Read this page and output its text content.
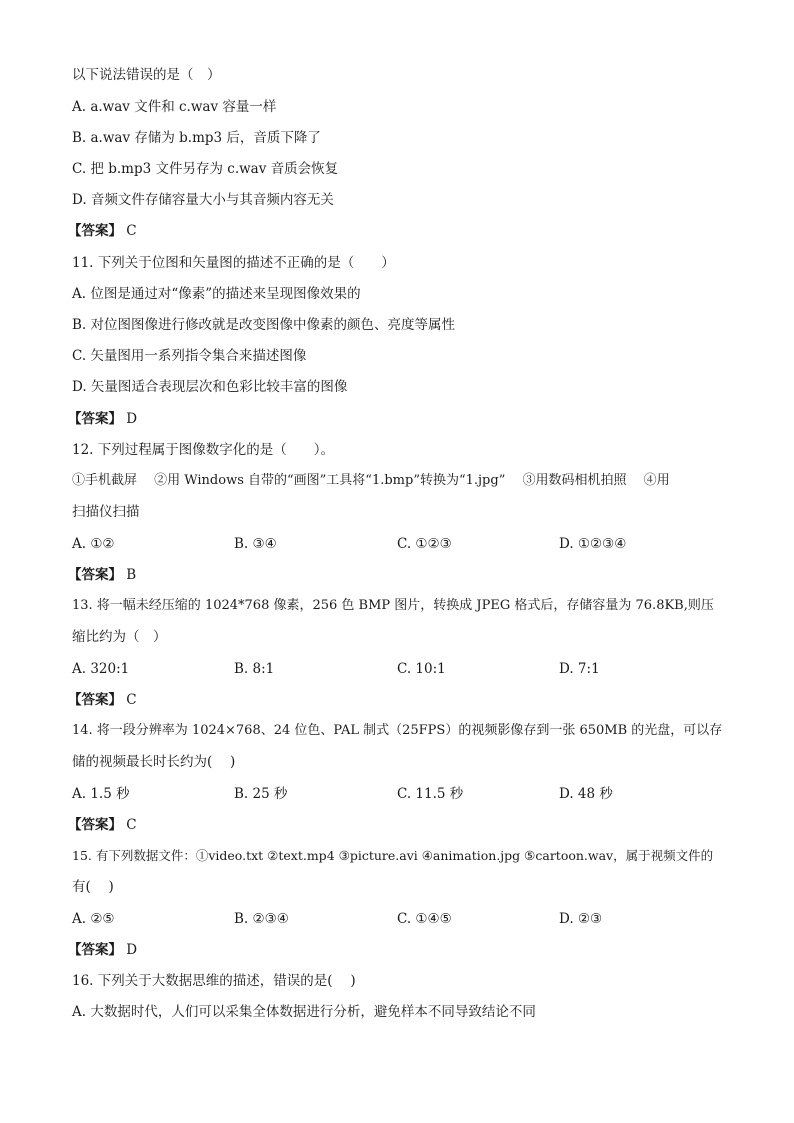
以下说法错误的是（　）
A. a.wav 文件和 c.wav 容量一样
B. a.wav 存储为 b.mp3 后，音质下降了
C. 把 b.mp3 文件另存为 c.wav 音质会恢复
D. 音频文件存储容量大小与其音频内容无关
【答案】 C
11. 下列关于位图和矢量图的描述不正确的是（　　）
A. 位图是通过对“像素”的描述来呈现图像效果的
B. 对位图图像进行修改就是改变图像中像素的颜色、亮度等属性
C. 矢量图用一系列指令集合来描述图像
D. 矢量图适合表现层次和色彩比较丰富的图像
【答案】 D
12. 下列过程属于图像数字化的是（　　）。
①手机截屏　 ②用 Windows 自带的“画图”工具将“1.bmp”转换为“1.jpg”　 ③用数码相机拍照　 ④用
扫描仪扫描
A. ①②	B. ③④	C. ①②③	D. ①②③④
【答案】 B
13. 将一幅未经压缩的 1024*768 像素，256 色 BMP 图片，转换成 JPEG 格式后，存储容量为 76.8KB,则压
缩比约为（　）
A. 320:1	B. 8:1	C. 10:1	D. 7:1
【答案】 C
14. 将一段分辨率为 1024×768、24 位色、PAL 制式（25FPS）的视频影像存到一张 650MB 的光盘，可以存
储的视频最长时长约为(　 )
A. 1.5 秒	B. 25 秒	C. 11.5 秒	D. 48 秒
【答案】 C
15. 有下列数据文件：①video.txt ②text.mp4 ③picture.avi ④animation.jpg ⑤cartoon.wav，属于视频文件的
有(　 )
A. ②⑤	B. ②③④	C. ①④⑤	D. ②③
【答案】 D
16. 下列关于大数据思维的描述，错误的是(　 )
A. 大数据时代，人们可以采集全体数据进行分析，避免样本不同导致结论不同
